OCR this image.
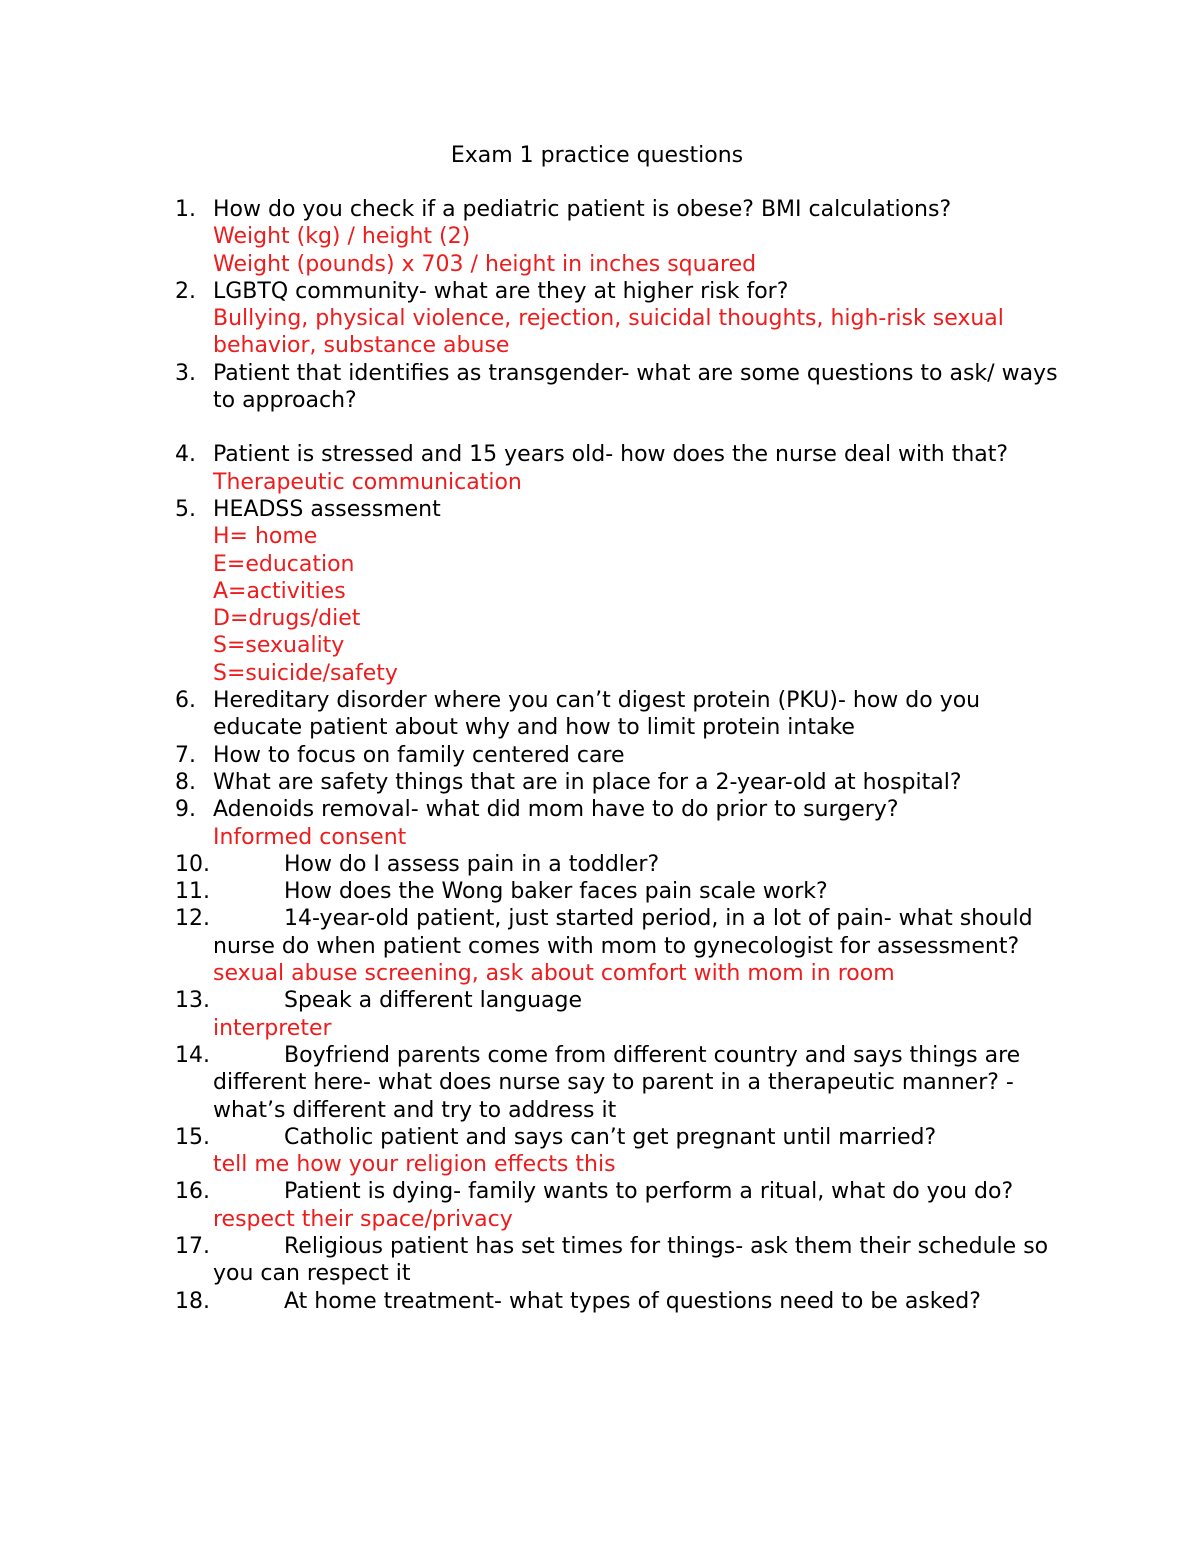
Exam 1 practice questions
1. How do you check if a pediatric patient is obese? BMI calculations?
Weight (kg) / height (2)
Weight (pounds) x 703 / height in inches squared
2. LGBTQ community- what are they at higher risk for?
Bullying, physical violence, rejection, suicidal thoughts, high-risk sexual behavior, substance abuse
3. Patient that identifies as transgender- what are some questions to ask/ ways to approach?
4. Patient is stressed and 15 years old- how does the nurse deal with that?
Therapeutic communication
5. HEADSS assessment
H= home
E=education
A=activities
D=drugs/diet
S=sexuality
S=suicide/safety
6. Hereditary disorder where you can’t digest protein (PKU)- how do you educate patient about why and how to limit protein intake
7. How to focus on family centered care
8. What are safety things that are in place for a 2-year-old at hospital?
9. Adenoids removal- what did mom have to do prior to surgery?
Informed consent
10.	How do I assess pain in a toddler?
11.	How does the Wong baker faces pain scale work?
12.	14-year-old patient, just started period, in a lot of pain- what should nurse do when patient comes with mom to gynecologist for assessment?
sexual abuse screening, ask about comfort with mom in room
13.	Speak a different language
interpreter
14.	Boyfriend parents come from different country and says things are different here- what does nurse say to parent in a therapeutic manner? -what’s different and try to address it
15.	Catholic patient and says can’t get pregnant until married?
tell me how your religion effects this
16.	Patient is dying- family wants to perform a ritual, what do you do?
respect their space/privacy
17.	Religious patient has set times for things- ask them their schedule so you can respect it
18.	At home treatment- what types of questions need to be asked?
